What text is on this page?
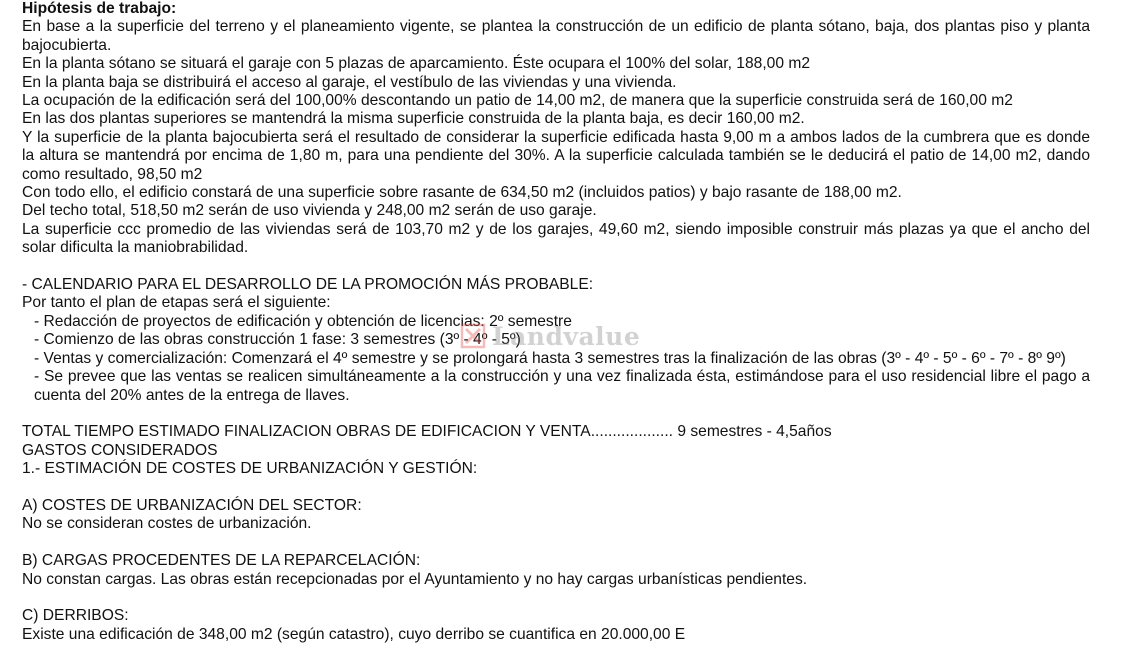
Hipótesis de trabajo:
En base a la superficie del terreno y el planeamiento vigente, se plantea la construcción de un edificio de planta sótano, baja, dos plantas piso y planta bajocubierta.
En la planta sótano se situará el garaje con 5 plazas de aparcamiento. Éste ocupara el 100% del solar, 188,00 m2
En la planta baja se distribuirá el acceso al garaje, el vestíbulo de las viviendas y una vivienda.
La ocupación de la edificación será del 100,00% descontando un patio de 14,00 m2, de manera que la superficie construida será de 160,00 m2
En las dos plantas superiores se mantendrá la misma superficie construida de la planta baja, es decir 160,00 m2.
Y la superficie de la planta bajocubierta será el resultado de considerar la superficie edificada hasta 9,00 m a ambos lados de la cumbrera que es donde la altura se mantendrá por encima de 1,80 m, para una pendiente del 30%. A la superficie calculada también se le deducirá el patio de 14,00 m2, dando como resultado, 98,50 m2
Con todo ello, el edificio constará de una superficie sobre rasante de 634,50 m2 (incluidos patios) y bajo rasante de 188,00 m2.
Del techo total, 518,50 m2 serán de uso vivienda y 248,00 m2 serán de uso garaje.
La superficie ccc promedio de las viviendas será de 103,70 m2 y de los garajes, 49,60 m2, siendo imposible construir más plazas ya que el ancho del solar dificulta la maniobrabilidad.
- CALENDARIO PARA EL DESARROLLO DE LA PROMOCIÓN MÁS PROBABLE:
Por tanto el plan de etapas será el siguiente:
- Redacción de proyectos de edificación y obtención de licencias: 2º semestre
- Comienzo de las obras construcción 1 fase: 3 semestres (3º - 4º - 5º)
- Ventas y comercialización: Comenzará el 4º semestre y se prolongará hasta 3 semestres tras la finalización de las obras (3º - 4º - 5º - 6º - 7º - 8º 9º)
- Se prevee que las ventas se realicen simultáneamente a la construcción y una vez finalizada ésta, estimándose para el uso residencial libre el pago a cuenta del 20% antes de la entrega de llaves.
TOTAL TIEMPO ESTIMADO FINALIZACION OBRAS DE EDIFICACION Y VENTA................... 9 semestres - 4,5años
GASTOS CONSIDERADOS
1.- ESTIMACIÓN DE COSTES DE URBANIZACIÓN Y GESTIÓN:
A) COSTES DE URBANIZACIÓN DEL SECTOR:
No se consideran costes de urbanización.
B) CARGAS PROCEDENTES DE LA REPARCELACIÓN:
No constan cargas. Las obras están recepcionadas por el Ayuntamiento y no hay cargas urbanísticas pendientes.
C) DERRIBOS:
Existe una edificación de 348,00 m2 (según catastro), cuyo derribo se cuantifica en 20.000,00 E
Landvalue
